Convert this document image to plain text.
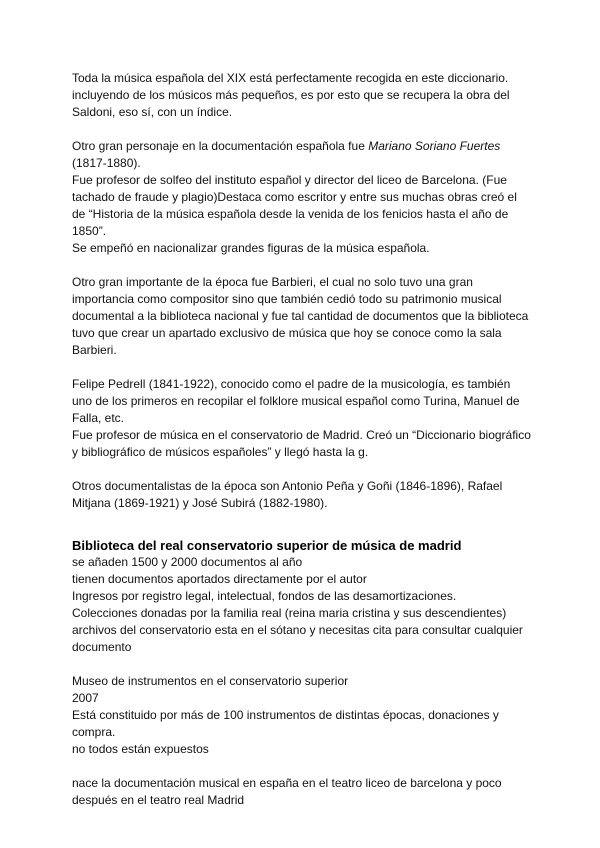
Toda la música española del XIX está perfectamente recogida en este diccionario. incluyendo de los músicos más pequeños, es por esto que se recupera la obra del Saldoni, eso sí, con un índice.

Otro gran personaje en la documentación española fue Mariano Soriano Fuertes
(1817-1880).

Fue profesor de solfeo del instituto español y director del liceo de Barcelona. (Fue tachado de fraude y plagio)Destaca como escritor y entre sus muchas obras creó el de “Historia de la música española desde la venida de los fenicios hasta el año de 1850”.

Se empeñó en nacionalizar grandes figuras de la música española.

Otro gran importante de la época fue Barbieri, el cual no solo tuvo una gran importancia como compositor sino que también cedió todo su patrimonio musical documental a la biblioteca nacional y fue tal cantidad de documentos que la biblioteca tuvo que crear un apartado exclusivo de música que hoy se conoce como la sala Barbieri.

Felipe Pedrell (1841-1922), conocido como el padre de la musicología, es también uno de los primeros en recopilar el folklore musical español como Turina, Manuel de Falla, etc.

Fue profesor de música en el conservatorio de Madrid. Creó un “Diccionario biográfico y bibliográfico de músicos españoles” y llegó hasta la g.

Otros documentalistas de la época son Antonio Peña y Goñi (1846-1896), Rafael Mitjana (1869-1921) y José Subirá (1882-1980).

Biblioteca del real conservatorio superior de música de madrid

se añaden 1500 y 2000 documentos al año

tienen documentos aportados directamente por el autor

Ingresos por registro legal, intelectual, fondos de las desamortizaciones.

Colecciones donadas por la familia real (reina maria cristina y sus descendientes)

archivos del conservatorio esta en el sótano y necesitas cita para consultar cualquier documento

Museo de instrumentos en el conservatorio superior

2007

Está constituido por más de 100 instrumentos de distintas épocas, donaciones y compra.

no todos están expuestos

nace la documentación musical en españa en el teatro liceo de barcelona y poco después en el teatro real Madrid
